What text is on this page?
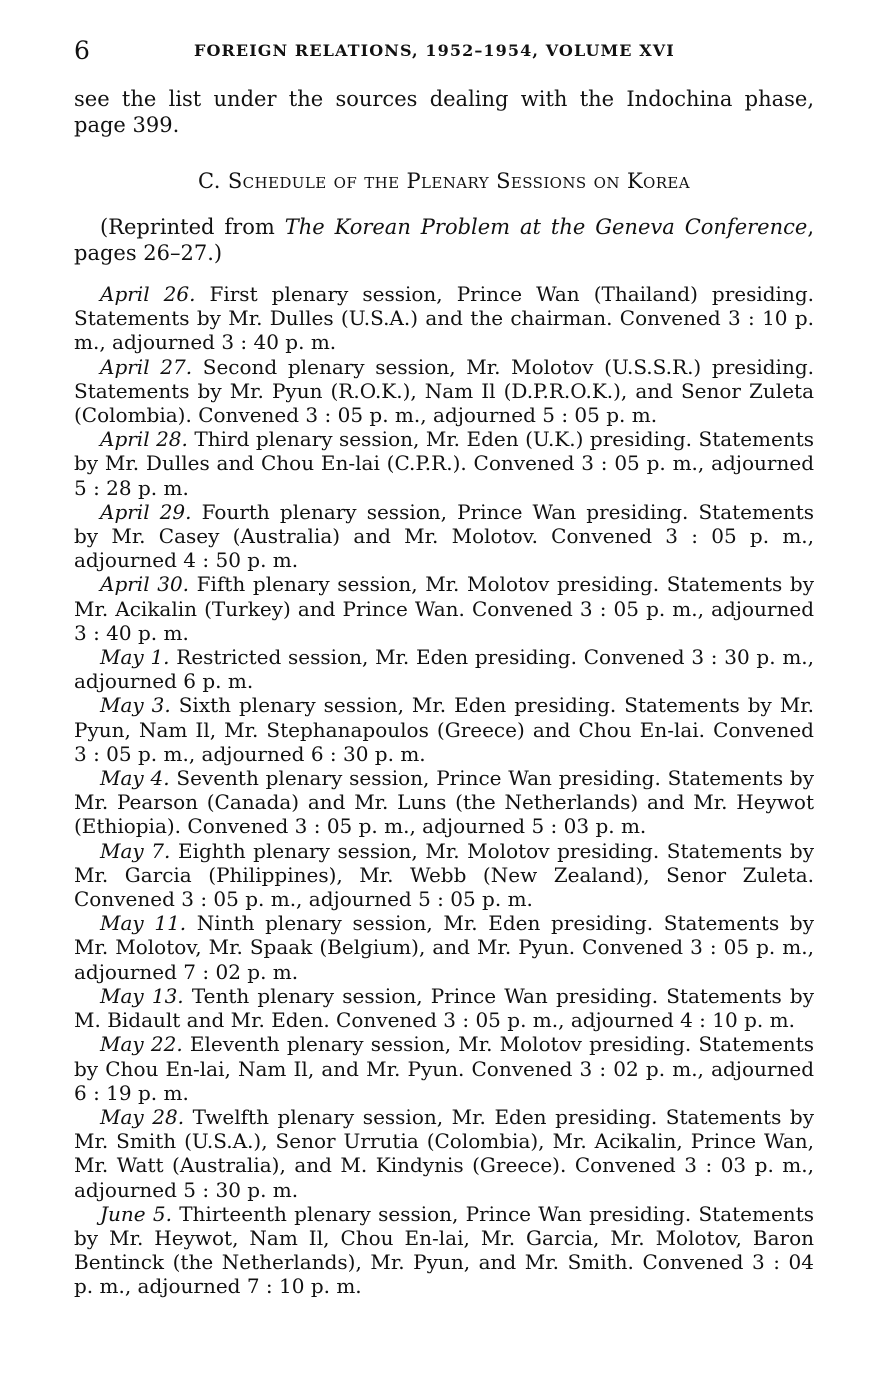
6	FOREIGN RELATIONS, 1952–1954, VOLUME XVI

see the list under the sources dealing with the Indochina phase, page 399.

C. Schedule of the Plenary Sessions on Korea

(Reprinted from The Korean Problem at the Geneva Conference, pages 26–27.)

April 26. First plenary session, Prince Wan (Thailand) presiding. Statements by Mr. Dulles (U.S.A.) and the chairman. Convened 3 : 10 p. m., adjourned 3 : 40 p. m.
April 27. Second plenary session, Mr. Molotov (U.S.S.R.) presiding. Statements by Mr. Pyun (R.O.K.), Nam Il (D.P.R.O.K.), and Senor Zuleta (Colombia). Convened 3 : 05 p. m., adjourned 5 : 05 p. m.
April 28. Third plenary session, Mr. Eden (U.K.) presiding. Statements by Mr. Dulles and Chou En-lai (C.P.R.). Convened 3 : 05 p. m., adjourned 5 : 28 p. m.
April 29. Fourth plenary session, Prince Wan presiding. Statements by Mr. Casey (Australia) and Mr. Molotov. Convened 3 : 05 p. m., adjourned 4 : 50 p. m.
April 30. Fifth plenary session, Mr. Molotov presiding. Statements by Mr. Acikalin (Turkey) and Prince Wan. Convened 3 : 05 p. m., adjourned 3 : 40 p. m.
May 1. Restricted session, Mr. Eden presiding. Convened 3 : 30 p. m., adjourned 6 p. m.
May 3. Sixth plenary session, Mr. Eden presiding. Statements by Mr. Pyun, Nam Il, Mr. Stephanapoulos (Greece) and Chou En-lai. Convened 3 : 05 p. m., adjourned 6 : 30 p. m.
May 4. Seventh plenary session, Prince Wan presiding. Statements by Mr. Pearson (Canada) and Mr. Luns (the Netherlands) and Mr. Heywot (Ethiopia). Convened 3 : 05 p. m., adjourned 5 : 03 p. m.
May 7. Eighth plenary session, Mr. Molotov presiding. Statements by Mr. Garcia (Philippines), Mr. Webb (New Zealand), Senor Zuleta. Convened 3 : 05 p. m., adjourned 5 : 05 p. m.
May 11. Ninth plenary session, Mr. Eden presiding. Statements by Mr. Molotov, Mr. Spaak (Belgium), and Mr. Pyun. Convened 3 : 05 p. m., adjourned 7 : 02 p. m.
May 13. Tenth plenary session, Prince Wan presiding. Statements by M. Bidault and Mr. Eden. Convened 3 : 05 p. m., adjourned 4 : 10 p. m.
May 22. Eleventh plenary session, Mr. Molotov presiding. Statements by Chou En-lai, Nam Il, and Mr. Pyun. Convened 3 : 02 p. m., adjourned 6 : 19 p. m.
May 28. Twelfth plenary session, Mr. Eden presiding. Statements by Mr. Smith (U.S.A.), Senor Urrutia (Colombia), Mr. Acikalin, Prince Wan, Mr. Watt (Australia), and M. Kindynis (Greece). Convened 3 : 03 p. m., adjourned 5 : 30 p. m.
June 5. Thirteenth plenary session, Prince Wan presiding. Statements by Mr. Heywot, Nam Il, Chou En-lai, Mr. Garcia, Mr. Molotov, Baron Bentinck (the Netherlands), Mr. Pyun, and Mr. Smith. Convened 3 : 04 p. m., adjourned 7 : 10 p. m.
